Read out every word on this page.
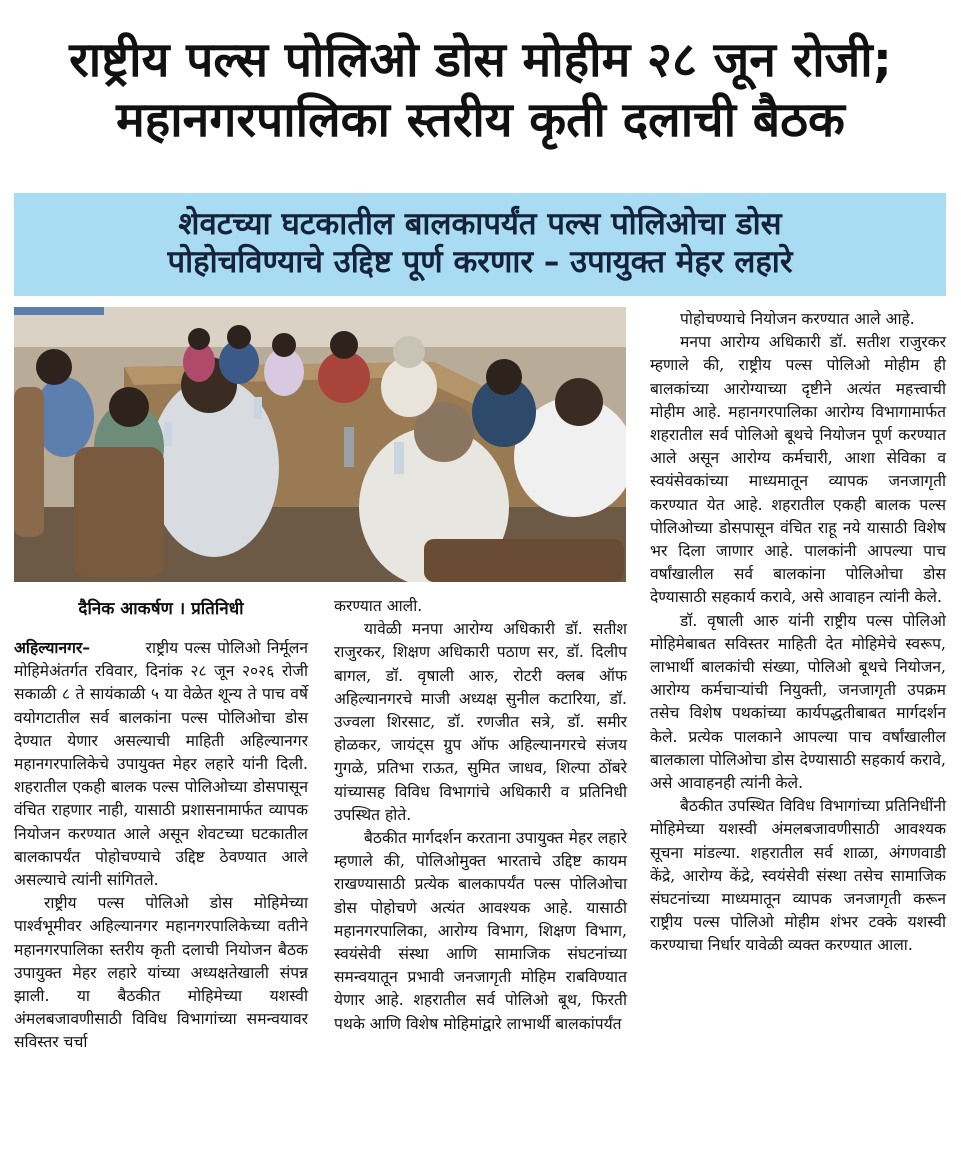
राष्ट्रीय पल्स पोलिओ डोस मोहीम २८ जून रोजी;
महानगरपालिका स्तरीय कृती दलाची बैठक
शेवटच्या घटकातील बालकापर्यंत पल्स पोलिओचा डोस
पोहोचविण्याचे उद्दिष्ट पूर्ण करणार – उपायुक्त मेहर लहारे
दैनिक आकर्षण । प्रतिनिधी

अहिल्यानगर–	राष्ट्रीय पल्स पोलिओ निर्मूलन मोहिमेअंतर्गत रविवार, दिनांक २८ जून २०२६ रोजी सकाळी ८ ते सायंकाळी ५ या वेळेत शून्य ते पाच वर्षे वयोगटातील सर्व बालकांना पल्स पोलिओचा डोस देण्यात येणार असल्याची माहिती अहिल्यानगर महानगरपालिकेचे उपायुक्त मेहर लहारे यांनी दिली. शहरातील एकही बालक पल्स पोलिओच्या डोसपासून वंचित राहणार नाही, यासाठी प्रशासनामार्फत व्यापक नियोजन करण्यात आले असून शेवटच्या घटकातील बालकापर्यंत पोहोचण्याचे उद्दिष्ट ठेवण्यात आले असल्याचे त्यांनी सांगितले.

राष्ट्रीय पल्स पोलिओ डोस मोहिमेच्या पार्श्वभूमीवर अहिल्यानगर महानगरपालिकेच्या वतीने महानगरपालिका स्तरीय कृती दलाची नियोजन बैठक उपायुक्त मेहर लहारे यांच्या अध्यक्षतेखाली संपन्न झाली. या बैठकीत मोहिमेच्या यशस्वी अंमलबजावणीसाठी विविध विभागांच्या समन्वयावर सविस्तर चर्चा

करण्यात आली.

यावेळी मनपा आरोग्य अधिकारी डॉ. सतीश राजुरकर, शिक्षण अधिकारी पठाण सर, डॉ. दिलीप बागल, डॉ. वृषाली आरु, रोटरी क्लब ऑफ अहिल्यानगरचे माजी अध्यक्ष सुनील कटारिया, डॉ. उज्वला शिरसाट, डॉ. रणजीत सत्रे, डॉ. समीर होळकर, जायंट्स ग्रुप ऑफ अहिल्यानगरचे संजय गुगळे, प्रतिभा राऊत, सुमित जाधव, शिल्पा ठोंबरे यांच्यासह विविध विभागांचे अधिकारी व प्रतिनिधी उपस्थित होते.

बैठकीत मार्गदर्शन करताना उपायुक्त मेहर लहारे म्हणाले की, पोलिओमुक्त भारताचे उद्दिष्ट कायम राखण्यासाठी प्रत्येक बालकापर्यंत पल्स पोलिओचा डोस पोहोचणे अत्यंत आवश्यक आहे. यासाठी महानगरपालिका, आरोग्य विभाग, शिक्षण विभाग, स्वयंसेवी संस्था आणि सामाजिक संघटनांच्या समन्वयातून प्रभावी जनजागृती मोहिम राबविण्यात येणार आहे. शहरातील सर्व पोलिओ बूथ, फिरती पथके आणि विशेष मोहिमांद्वारे लाभार्थी बालकांपर्यंत

पोहोचण्याचे नियोजन करण्यात आले आहे.

मनपा आरोग्य अधिकारी डॉ. सतीश राजुरकर म्हणाले की, राष्ट्रीय पल्स पोलिओ मोहीम ही बालकांच्या आरोग्याच्या दृष्टीने अत्यंत महत्त्वाची मोहीम आहे. महानगरपालिका आरोग्य विभागामार्फत शहरातील सर्व पोलिओ बूथचे नियोजन पूर्ण करण्यात आले असून आरोग्य कर्मचारी, आशा सेविका व स्वयंसेवकांच्या माध्यमातून व्यापक जनजागृती करण्यात येत आहे. शहरातील एकही बालक पल्स पोलिओच्या डोसपासून वंचित राहू नये यासाठी विशेष भर दिला जाणार आहे. पालकांनी आपल्या पाच वर्षांखालील सर्व बालकांना पोलिओचा डोस देण्यासाठी सहकार्य करावे, असे आवाहन त्यांनी केले.

डॉ. वृषाली आरु यांनी राष्ट्रीय पल्स पोलिओ मोहिमेबाबत सविस्तर माहिती देत मोहिमेचे स्वरूप, लाभार्थी बालकांची संख्या, पोलिओ बूथचे नियोजन, आरोग्य कर्मचाऱ्यांची नियुक्ती, जनजागृती उपक्रम तसेच विशेष पथकांच्या कार्यपद्धतीबाबत मार्गदर्शन केले. प्रत्येक पालकाने आपल्या पाच वर्षांखालील बालकाला पोलिओचा डोस देण्यासाठी सहकार्य करावे, असे आवाहनही त्यांनी केले.

बैठकीत उपस्थित विविध विभागांच्या प्रतिनिधींनी मोहिमेच्या यशस्वी अंमलबजावणीसाठी आवश्यक सूचना मांडल्या. शहरातील सर्व शाळा, अंगणवाडी केंद्रे, आरोग्य केंद्रे, स्वयंसेवी संस्था तसेच सामाजिक संघटनांच्या माध्यमातून व्यापक जनजागृती करून राष्ट्रीय पल्स पोलिओ मोहीम शंभर टक्के यशस्वी करण्याचा निर्धार यावेळी व्यक्त करण्यात आला.
